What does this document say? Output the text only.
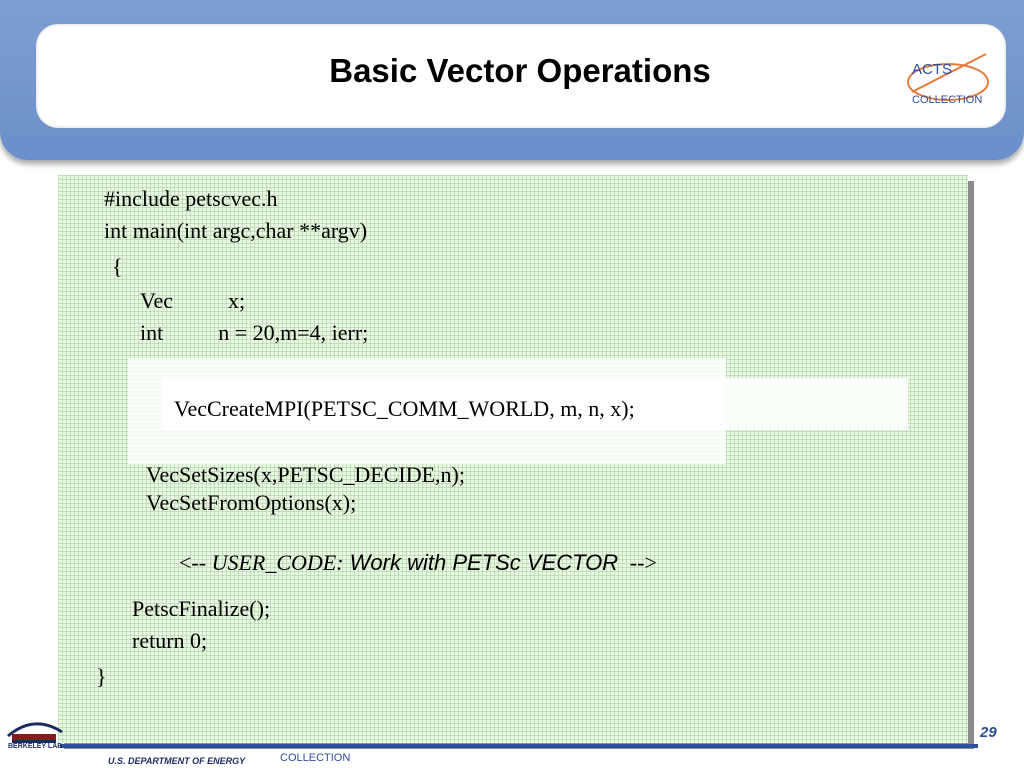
Basic Vector Operations	ACTS
COLLECTION
#include petscvec.h
int main(int argc,char **argv)
{
Vec          x;
int          n = 20,m=4, ierr;
VecCreateMPI(PETSC_COMM_WORLD, m, n, x);
VecSetSizes(x,PETSC_DECIDE,n);
VecSetFromOptions(x);

<-- USER_CODE: Work with PETSc VECTOR  -->

PetscFinalize();
return 0;
}
29
BERKELEY LAB
U.S. DEPARTMENT OF ENERGY	COLLECTION
